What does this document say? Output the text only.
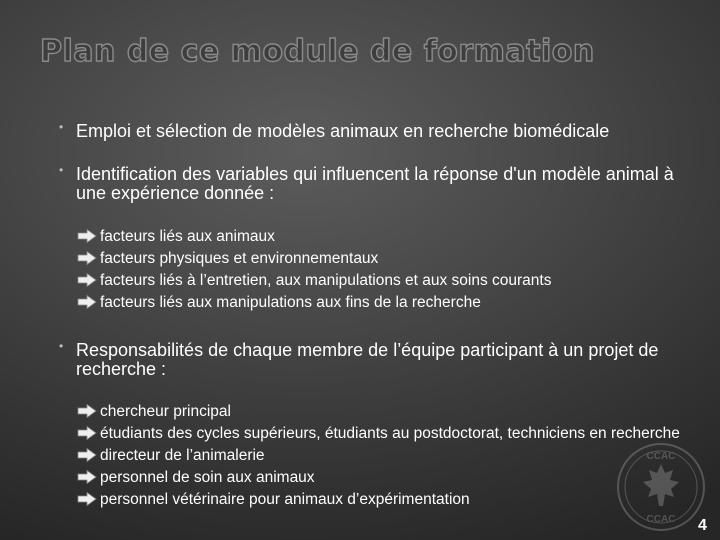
Plan de ce module de formation
• Emploi et sélection de modèles animaux en recherche biomédicale
• Identification des variables qui influencent la réponse d'un modèle animal à une expérience donnée :
facteurs liés aux animaux
facteurs physiques et environnementaux
facteurs liés à l’entretien, aux manipulations et aux soins courants
facteurs liés aux manipulations aux fins de la recherche
• Responsabilités de chaque membre de l’équipe participant à un projet de recherche :
chercheur principal
étudiants des cycles supérieurs, étudiants au postdoctorat, techniciens en recherche
directeur de l’animalerie
personnel de soin aux animaux
personnel vétérinaire pour animaux d’expérimentation
CCAC
CCAC 4
